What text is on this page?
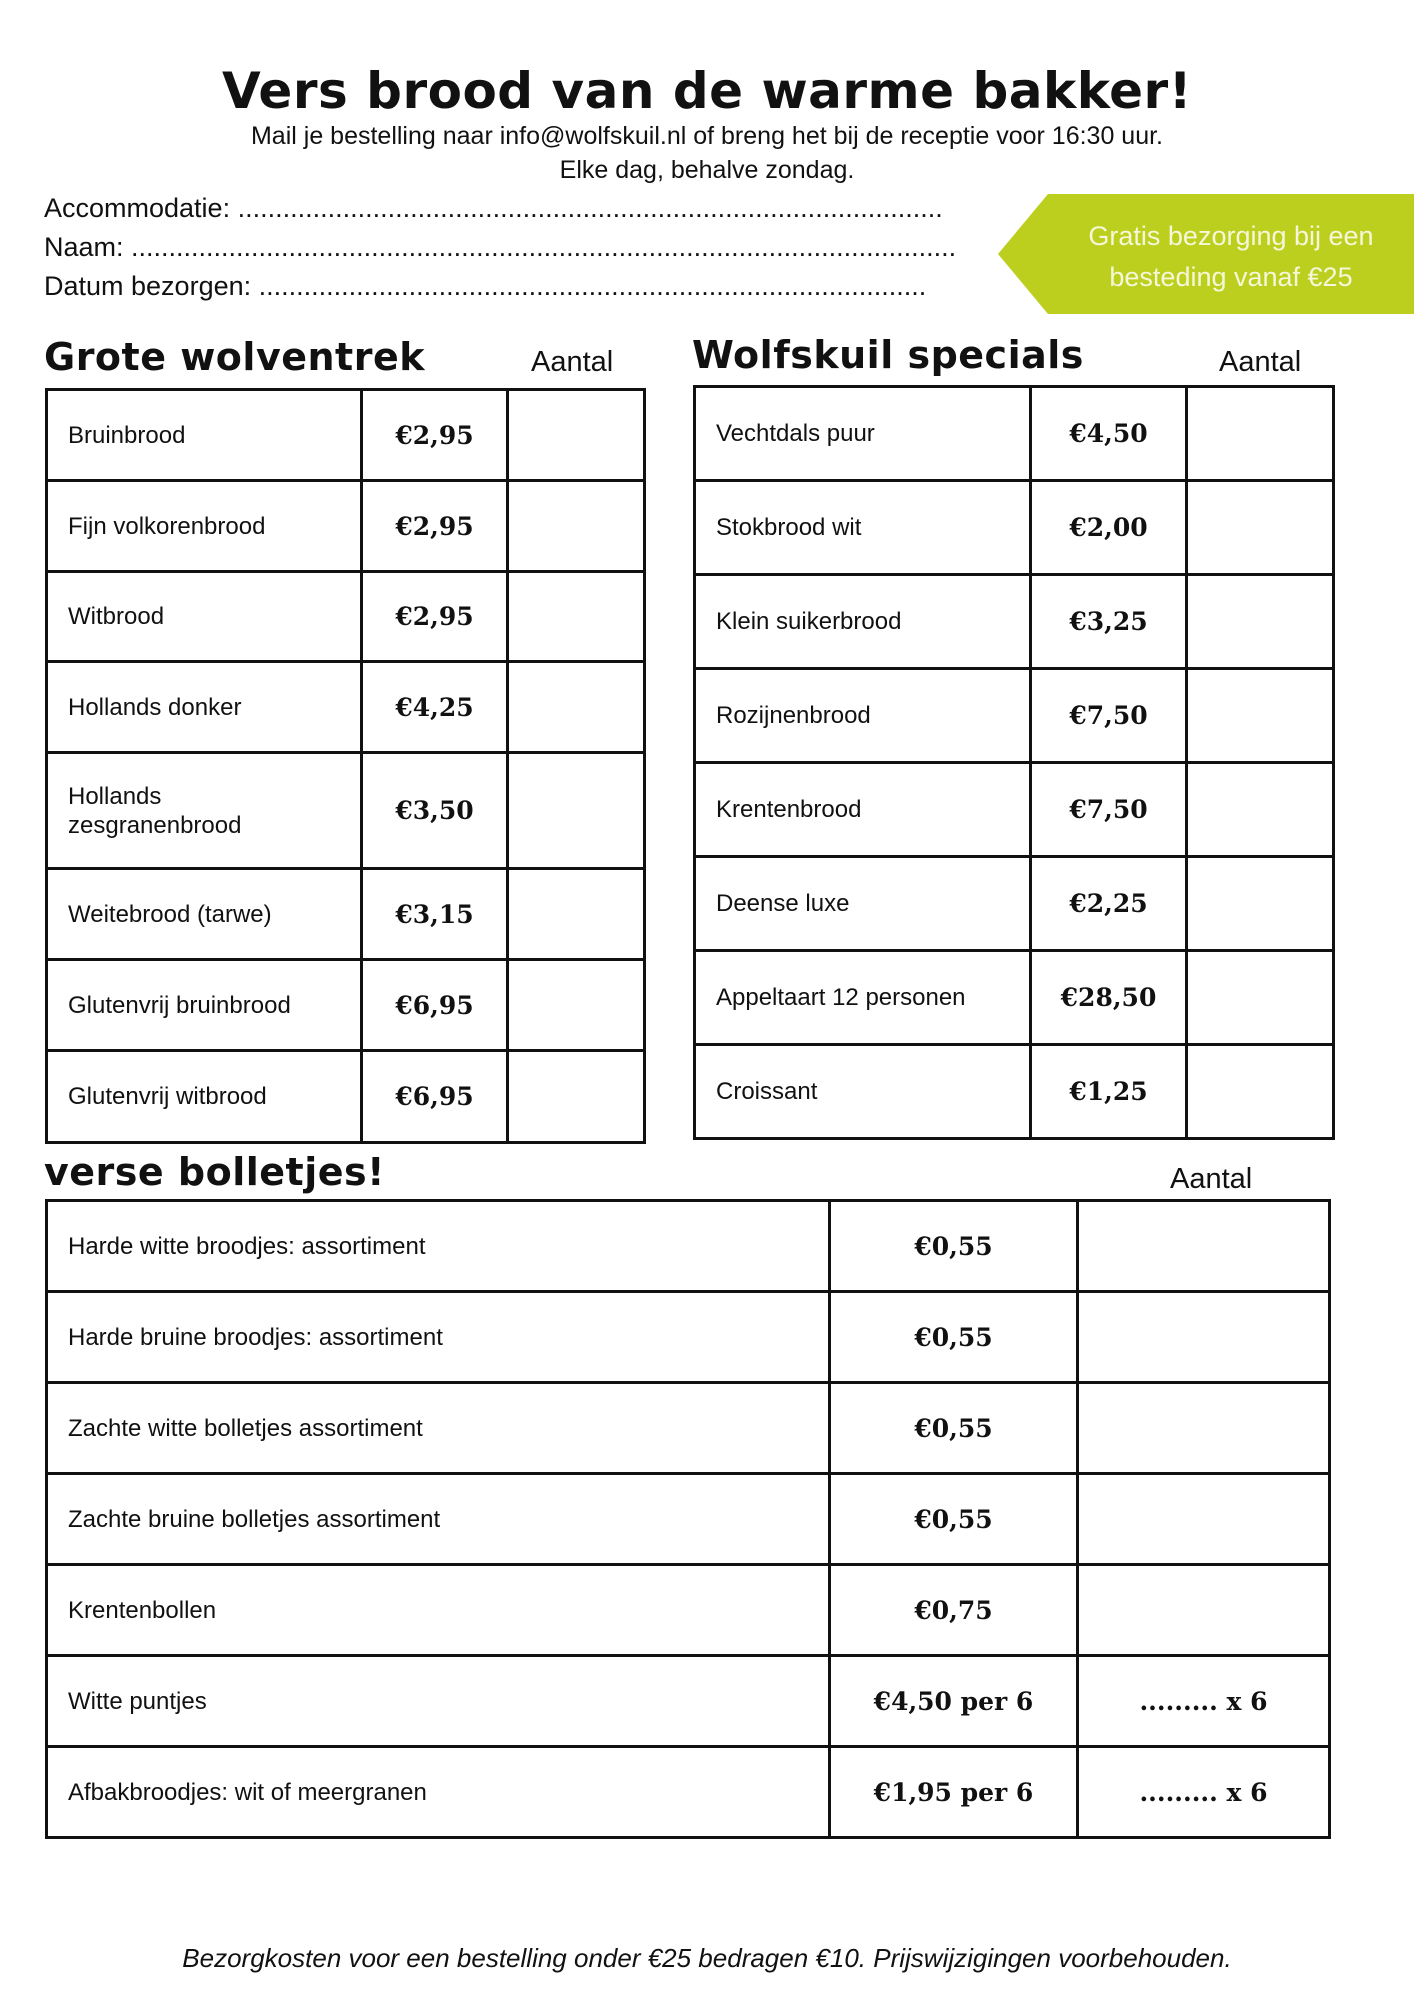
Vers brood van de warme bakker!
Mail je bestelling naar info@wolfskuil.nl of breng het bij de receptie voor 16:30 uur.
Elke dag, behalve zondag.
Accommodatie: ..............................................................................................
Naam: ..............................................................................................................
Datum bezorgen: .........................................................................................
Gratis bezorging bij een
besteding vanaf €25
Grote wolventrek	Aantal Wolfskuil specials	Aantal
Bruinbrood	€2,95	
Fijn volkorenbrood	€2,95	
Witbrood	€2,95	
Hollands donker	€4,25	
Hollands zesgranenbrood	€3,50	
Weitebrood (tarwe)	€3,15	
Glutenvrij bruinbrood	€6,95	
Glutenvrij witbrood	€6,95	
Vechtdals puur	€4,50	
Stokbrood wit	€2,00	
Klein suikerbrood	€3,25	
Rozijnenbrood	€7,50	
Krentenbrood	€7,50	
Deense luxe	€2,25	
Appeltaart 12 personen	€28,50	
Croissant	€1,25	
verse bolletjes!	Aantal
Harde witte broodjes: assortiment	€0,55	
Harde bruine broodjes: assortiment	€0,55	
Zachte witte bolletjes assortiment	€0,55	
Zachte bruine bolletjes assortiment	€0,55	
Krentenbollen	€0,75	
Witte puntjes	€4,50 per 6	......... x 6
Afbakbroodjes: wit of meergranen	€1,95 per 6	......... x 6
Bezorgkosten voor een bestelling onder €25 bedragen €10. Prijswijzigingen voorbehouden.
